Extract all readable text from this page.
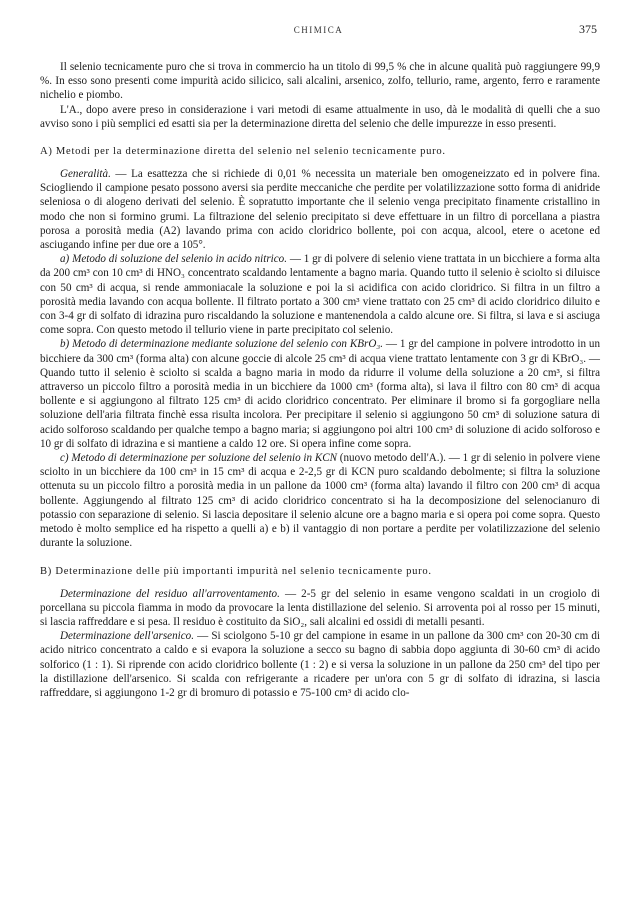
CHIMICA	375

Il selenio tecnicamente puro che si trova in commercio ha un titolo di 99,5 % che in alcune qualità può raggiungere 99,9 %. In esso sono presenti come impurità acido silicico, sali alcalini, arsenico, zolfo, tellurio, rame, argento, ferro e raramente nichelio e piombo.

L'A., dopo avere preso in considerazione i vari metodi di esame attualmente in uso, dà le modalità di quelli che a suo avviso sono i più semplici ed esatti sia per la determinazione diretta del selenio che delle impurezze in esso presenti.

A) Metodi per la determinazione diretta del selenio nel selenio tecnicamente puro.

Generalità. — La esattezza che si richiede di 0,01 % necessita un materiale ben omogeneizzato ed in polvere fina. Sciogliendo il campione pesato possono aversi sia perdite meccaniche che perdite per volatilizzazione sotto forma di anidride seleniosa o di alogeno derivati del selenio. È sopratutto importante che il selenio venga precipitato finamente cristallino in modo che non si formino grumi. La filtrazione del selenio precipitato si deve effettuare in un filtro di porcellana a piastra porosa a porosità media (A2) lavando prima con acido cloridrico bollente, poi con acqua, alcool, etere o acetone ed asciugando infine per due ore a 105°.

a) Metodo di soluzione del selenio in acido nitrico. — 1 gr di polvere di selenio viene trattata in un bicchiere a forma alta da 200 cm³ con 10 cm³ di HNO₃ concentrato scaldando lentamente a bagno maria. Quando tutto il selenio è sciolto si diluisce con 50 cm³ di acqua, si rende ammoniacale la soluzione e poi la si acidifica con acido cloridrico. Si filtra in un filtro a porosità media lavando con acqua bollente. Il filtrato portato a 300 cm³ viene trattato con 25 cm³ di acido cloridrico diluito e con 3-4 gr di solfato di idrazina puro riscaldando la soluzione e mantenendola a caldo alcune ore. Si filtra, si lava e si asciuga come sopra. Con questo metodo il tellurio viene in parte precipitato col selenio.

b) Metodo di determinazione mediante soluzione del selenio con KBrO₃. — 1 gr del campione in polvere introdotto in un bicchiere da 300 cm³ (forma alta) con alcune goccie di alcole 25 cm³ di acqua viene trattato lentamente con 3 gr di KBrO₃. — Quando tutto il selenio è sciolto si scalda a bagno maria in modo da ridurre il volume della soluzione a 20 cm³, si filtra attraverso un piccolo filtro a porosità media in un bicchiere da 1000 cm³ (forma alta), si lava il filtro con 80 cm³ di acqua bollente e si aggiungono al filtrato 125 cm³ di acido cloridrico concentrato. Per eliminare il bromo si fa gorgogliare nella soluzione dell'aria filtrata finchè essa risulta incolora. Per precipitare il selenio si aggiungono 50 cm³ di soluzione satura di acido solforoso scaldando per qualche tempo a bagno maria; si aggiungono poi altri 100 cm³ di soluzione di acido solforoso e 10 gr di solfato di idrazina e si mantiene a caldo 12 ore. Si opera infine come sopra.

c) Metodo di determinazione per soluzione del selenio in KCN (nuovo metodo dell'A.). — 1 gr di selenio in polvere viene sciolto in un bicchiere da 100 cm³ in 15 cm³ di acqua e 2-2,5 gr di KCN puro scaldando debolmente; si filtra la soluzione ottenuta su un piccolo filtro a porosità media in un pallone da 1000 cm³ (forma alta) lavando il filtro con 200 cm³ di acqua bollente. Aggiungendo al filtrato 125 cm³ di acido cloridrico concentrato si ha la decomposizione del selenocianuro di potassio con separazione di selenio. Si lascia depositare il selenio alcune ore a bagno maria e si opera poi come sopra. Questo metodo è molto semplice ed ha rispetto a quelli a) e b) il vantaggio di non portare a perdite per volatilizzazione del selenio durante la soluzione.

B) Determinazione delle più importanti impurità nel selenio tecnicamente puro.

Determinazione del residuo all'arroventamento. — 2-5 gr del selenio in esame vengono scaldati in un crogiolo di porcellana su piccola fiamma in modo da provocare la lenta distillazione del selenio. Si arroventa poi al rosso per 15 minuti, si lascia raffreddare e si pesa. Il residuo è costituito da SiO₂, sali alcalini ed ossidi di metalli pesanti.

Determinazione dell'arsenico. — Si sciolgono 5-10 gr del campione in esame in un pallone da 300 cm³ con 20-30 cm di acido nitrico concentrato a caldo e si evapora la soluzione a secco su bagno di sabbia dopo aggiunta di 30-60 cm³ di acido solforico (1 : 1). Si riprende con acido cloridrico bollente (1 : 2) e si versa la soluzione in un pallone da 250 cm³ del tipo per la distillazione dell'arsenico. Si scalda con refrigerante a ricadere per un'ora con 5 gr di solfato di idrazina, si lascia raffreddare, si aggiungono 1-2 gr di bromuro di potassio e 75-100 cm³ di acido clo-
